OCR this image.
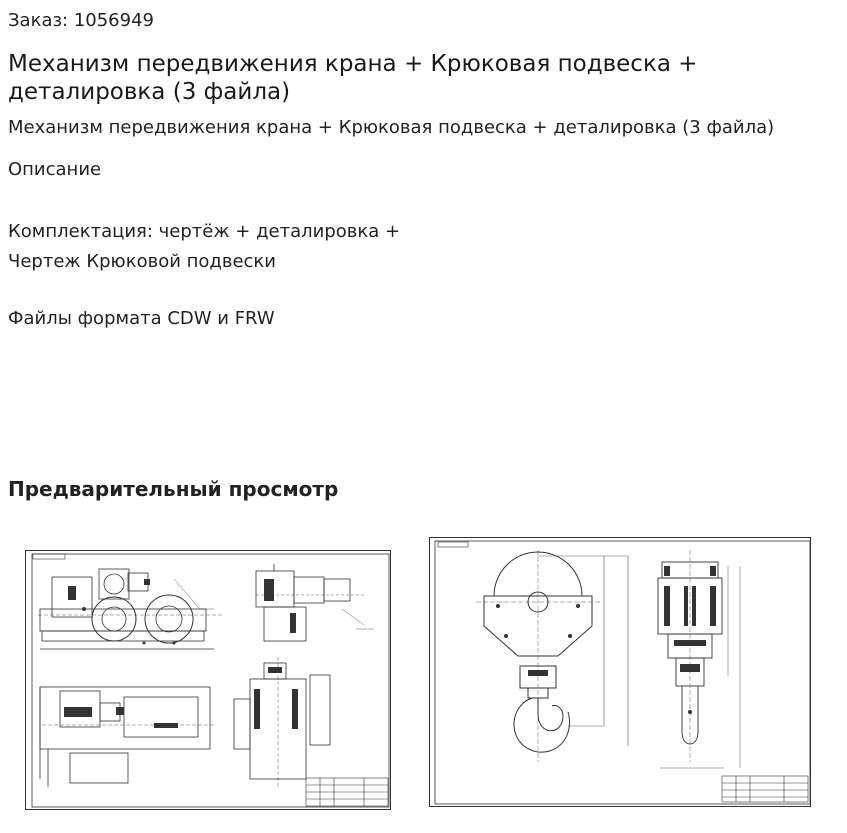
Заказ: 1056949
Механизм передвижения крана + Крюковая подвеска + деталировка (3 файла)
Механизм передвижения крана + Крюковая подвеска + деталировка (3 файла)
Описание
Комплектация: чертёж + деталировка +
Чертеж Крюковой подвески
Файлы формата CDW и FRW
Предварительный просмотр
